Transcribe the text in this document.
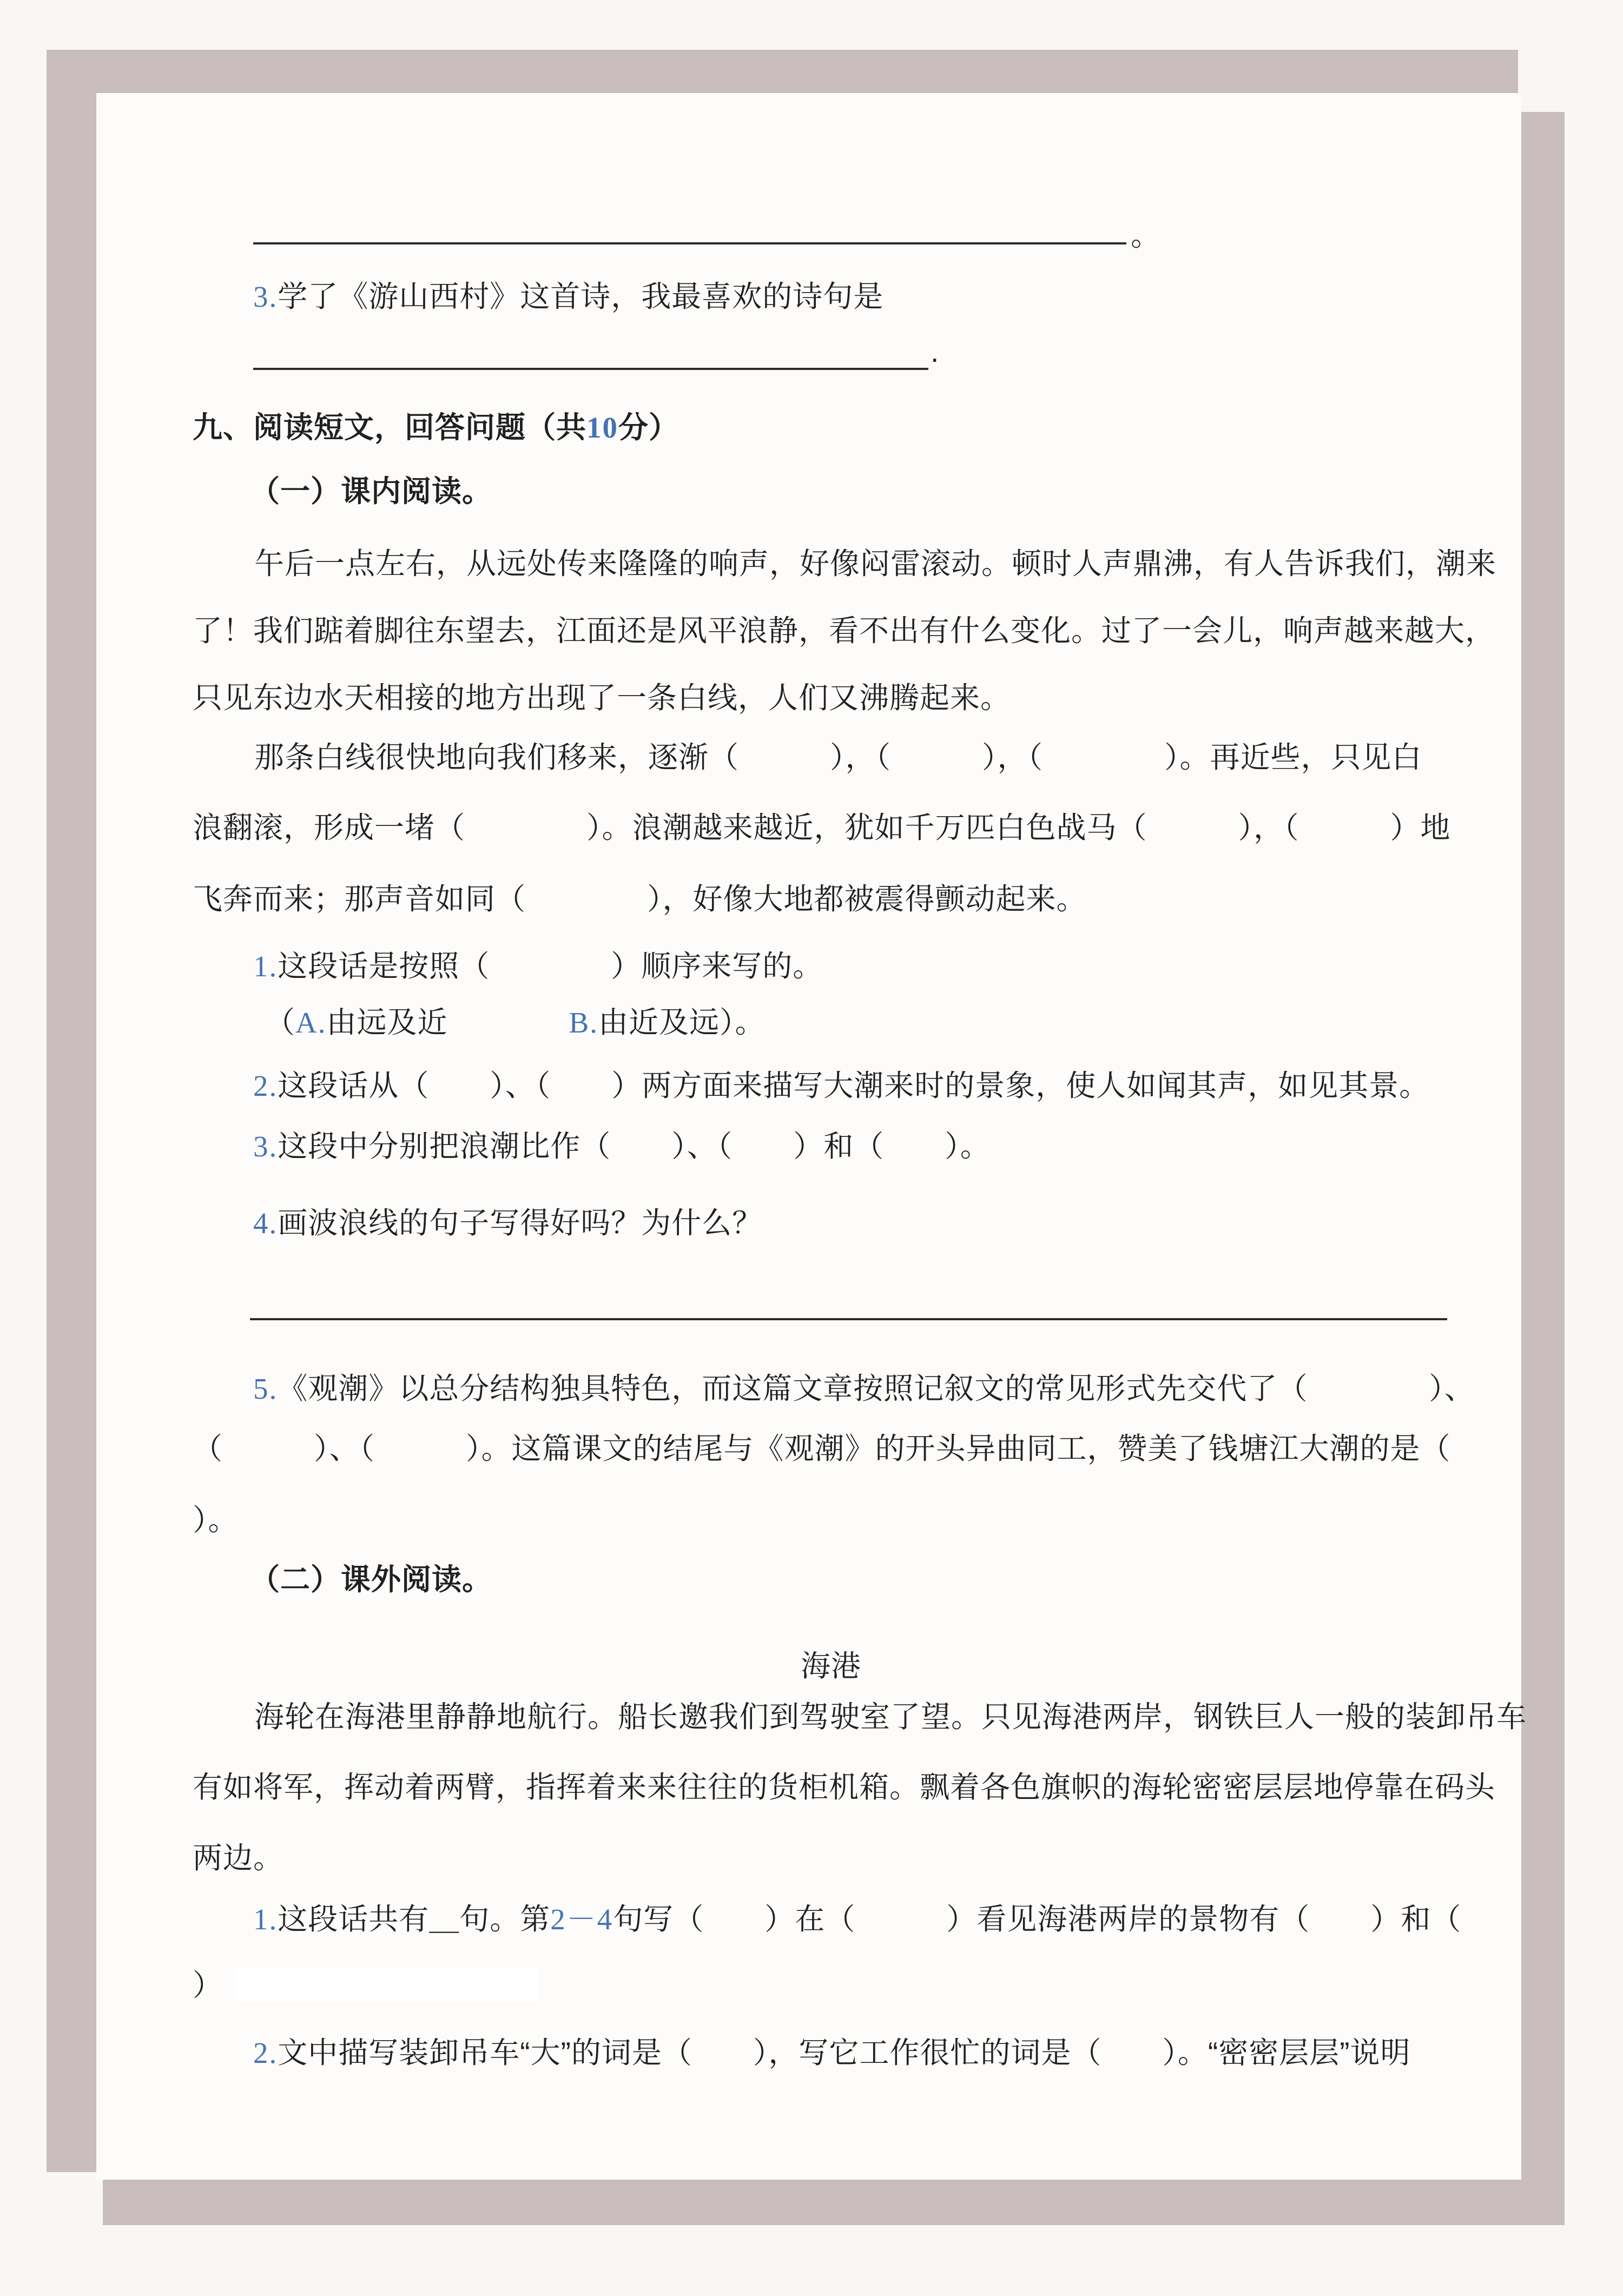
。
3.学了《游山西村》这首诗，我最喜欢的诗句是
.
九、阅读短文，回答问题（共10分）
（一）课内阅读。
午后一点左右，从远处传来隆隆的响声，好像闷雷滚动。顿时人声鼎沸，有人告诉我们，潮来
了！我们踮着脚往东望去，江面还是风平浪静，看不出有什么变化。过了一会儿，响声越来越大，
只见东边水天相接的地方出现了一条白线，人们又沸腾起来。
那条白线很快地向我们移来，逐渐（　　　），（　　　），（　　　　）。再近些，只见白
浪翻滚，形成一堵（　　　　）。浪潮越来越近，犹如千万匹白色战马（　　　），（　　　）地
飞奔而来；那声音如同（　　　　），好像大地都被震得颤动起来。
1.这段话是按照（　　　　）顺序来写的。
（A.由远及近　　　　B.由近及远）。
2.这段话从（　　）、（　　）两方面来描写大潮来时的景象，使人如闻其声，如见其景。
3.这段中分别把浪潮比作（　　）、（　　）和（　　）。
4.画波浪线的句子写得好吗？为什么？
5.《观潮》以总分结构独具特色，而这篇文章按照记叙文的常见形式先交代了（　　　　）、
（　　　）、（　　　）。这篇课文的结尾与《观潮》的开头异曲同工，赞美了钱塘江大潮的是（
）。
（二）课外阅读。
海港
海轮在海港里静静地航行。船长邀我们到驾驶室了望。只见海港两岸，钢铁巨人一般的装卸吊车
有如将军，挥动着两臂，指挥着来来往往的货柜机箱。飘着各色旗帜的海轮密密层层地停靠在码头
两边。
1.这段话共有＿句。第2－4句写（　　）在（　　　）看见海港两岸的景物有（　　）和（
）
2.文中描写装卸吊车“大”的词是（　　），写它工作很忙的词是（　　）。“密密层层”说明
